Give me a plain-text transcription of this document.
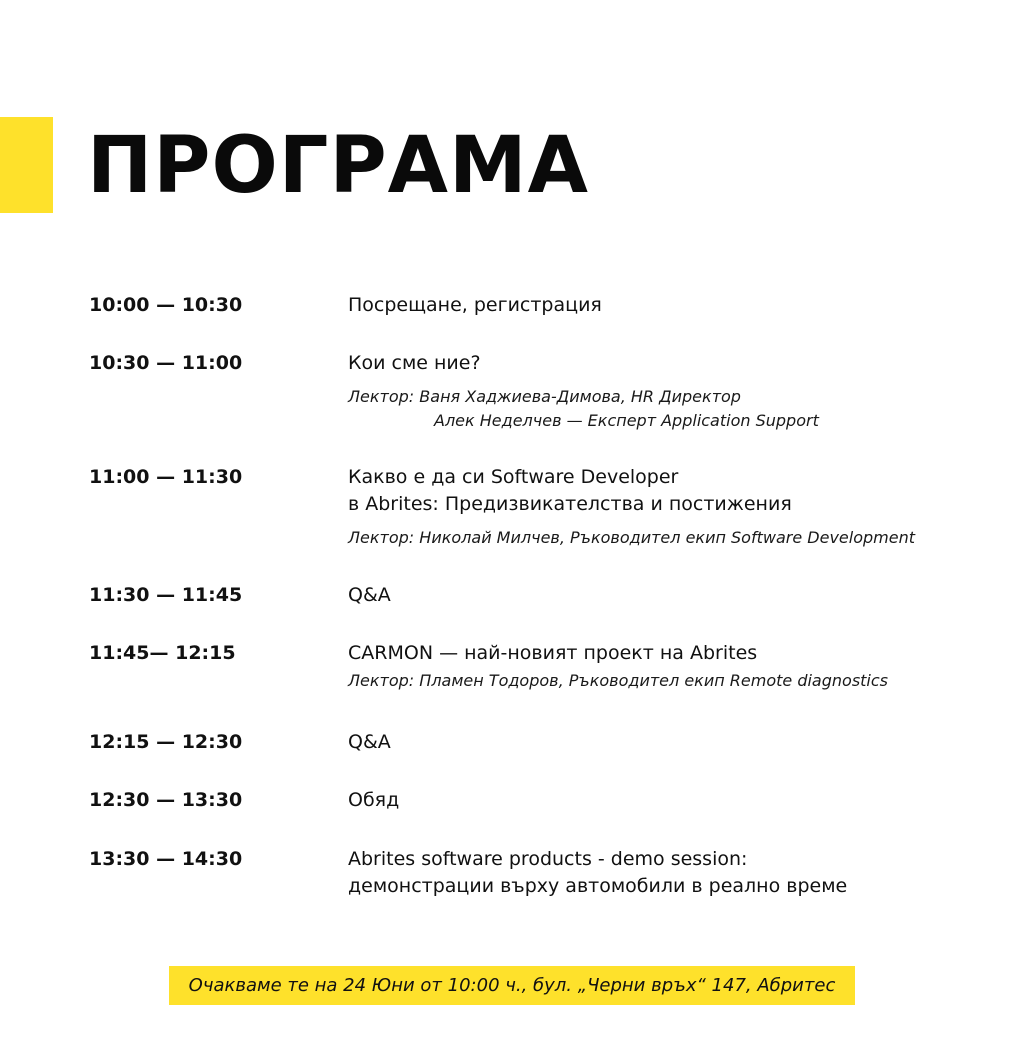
ПРОГРАМА
10:00 — 10:30	Посрещане, регистрация
10:30 — 11:00	Кои сме ние?
Лектор: Ваня Хаджиева-Димова, HR Директор
Алек Неделчев — Експерт Application Support
11:00 — 11:30	Какво е да си Software Developer
в Abrites: Предизвикателства и постижения
Лектор: Николай Милчев, Ръководител екип Software Development
11:30 — 11:45	Q&A
11:45— 12:15	CARMON — най-новият проект на Abrites
Лектор: Пламен Тодоров, Ръководител екип Remote diagnostics
12:15 — 12:30	Q&A
12:30 — 13:30	Обяд
13:30 — 14:30	Abrites software products - demo session:
демонстрации върху автомобили в реално време
Очакваме те на 24 Юни от 10:00 ч., бул. „Черни връх“ 147, Абритес
